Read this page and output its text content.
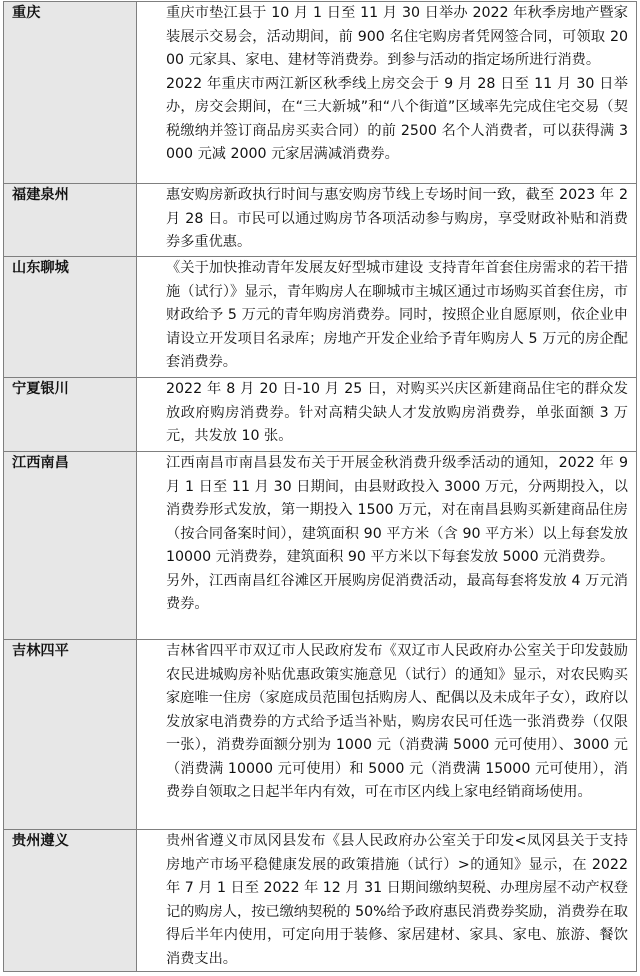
重庆	重庆市垫江县于 10 月 1 日至 11 月 30 日举办 2022 年秋季房地产暨家装展示交易会，活动期间，前 900 名住宅购房者凭网签合同，可领取 2000 元家具、家电、建材等消费券。到参与活动的指定场所进行消费。

2022 年重庆市两江新区秋季线上房交会于 9 月 28 日至 11 月 30 日举办，房交会期间，在“三大新城”和“八个街道”区域率先完成住宅交易（契税缴纳并签订商品房买卖合同）的前 2500 名个人消费者，可以获得满 3000 元减 2000 元家居满减消费券。

福建泉州	惠安购房新政执行时间与惠安购房节线上专场时间一致，截至 2023 年 2 月 28 日。市民可以通过购房节各项活动参与购房，享受财政补贴和消费券多重优惠。

山东聊城	《关于加快推动青年发展友好型城市建设 支持青年首套住房需求的若干措施（试行）》显示，青年购房人在聊城市主城区通过市场购买首套住房，市财政给予 5 万元的青年购房消费券。同时，按照企业自愿原则，依企业申请设立开发项目名录库；房地产开发企业给予青年购房人 5 万元的房企配套消费券。

宁夏银川	2022 年 8 月 20 日-10 月 25 日，对购买兴庆区新建商品住宅的群众发放政府购房消费券。针对高精尖缺人才发放购房消费券，单张面额 3 万元，共发放 10 张。

江西南昌	江西南昌市南昌县发布关于开展金秋消费升级季活动的通知，2022 年 9 月 1 日至 11 月 30 日期间，由县财政投入 3000 万元，分两期投入，以消费券形式发放，第一期投入 1500 万元，对在南昌县购买新建商品住房（按合同备案时间），建筑面积 90 平方米（含 90 平方米）以上每套发放 10000 元消费券，建筑面积 90 平方米以下每套发放 5000 元消费券。

另外，江西南昌红谷滩区开展购房促消费活动，最高每套将发放 4 万元消费券。

吉林四平	吉林省四平市双辽市人民政府发布《双辽市人民政府办公室关于印发鼓励农民进城购房补贴优惠政策实施意见（试行）的通知》显示，对农民购买家庭唯一住房（家庭成员范围包括购房人、配偶以及未成年子女），政府以发放家电消费券的方式给予适当补贴，购房农民可任选一张消费券（仅限一张），消费券面额分别为 1000 元（消费满 5000 元可使用）、3000 元（消费满 10000 元可使用）和 5000 元（消费满 15000 元可使用），消费券自领取之日起半年内有效，可在市区内线上家电经销商场使用。

贵州遵义	贵州省遵义市凤冈县发布《县人民政府办公室关于印发<凤冈县关于支持房地产市场平稳健康发展的政策措施（试行）>的通知》显示，在 2022 年 7 月 1 日至 2022 年 12 月 31 日期间缴纳契税、办理房屋不动产权登记的购房人，按已缴纳契税的 50%给予政府惠民消费券奖励，消费券在取得后半年内使用，可定向用于装修、家居建材、家具、家电、旅游、餐饮消费支出。
